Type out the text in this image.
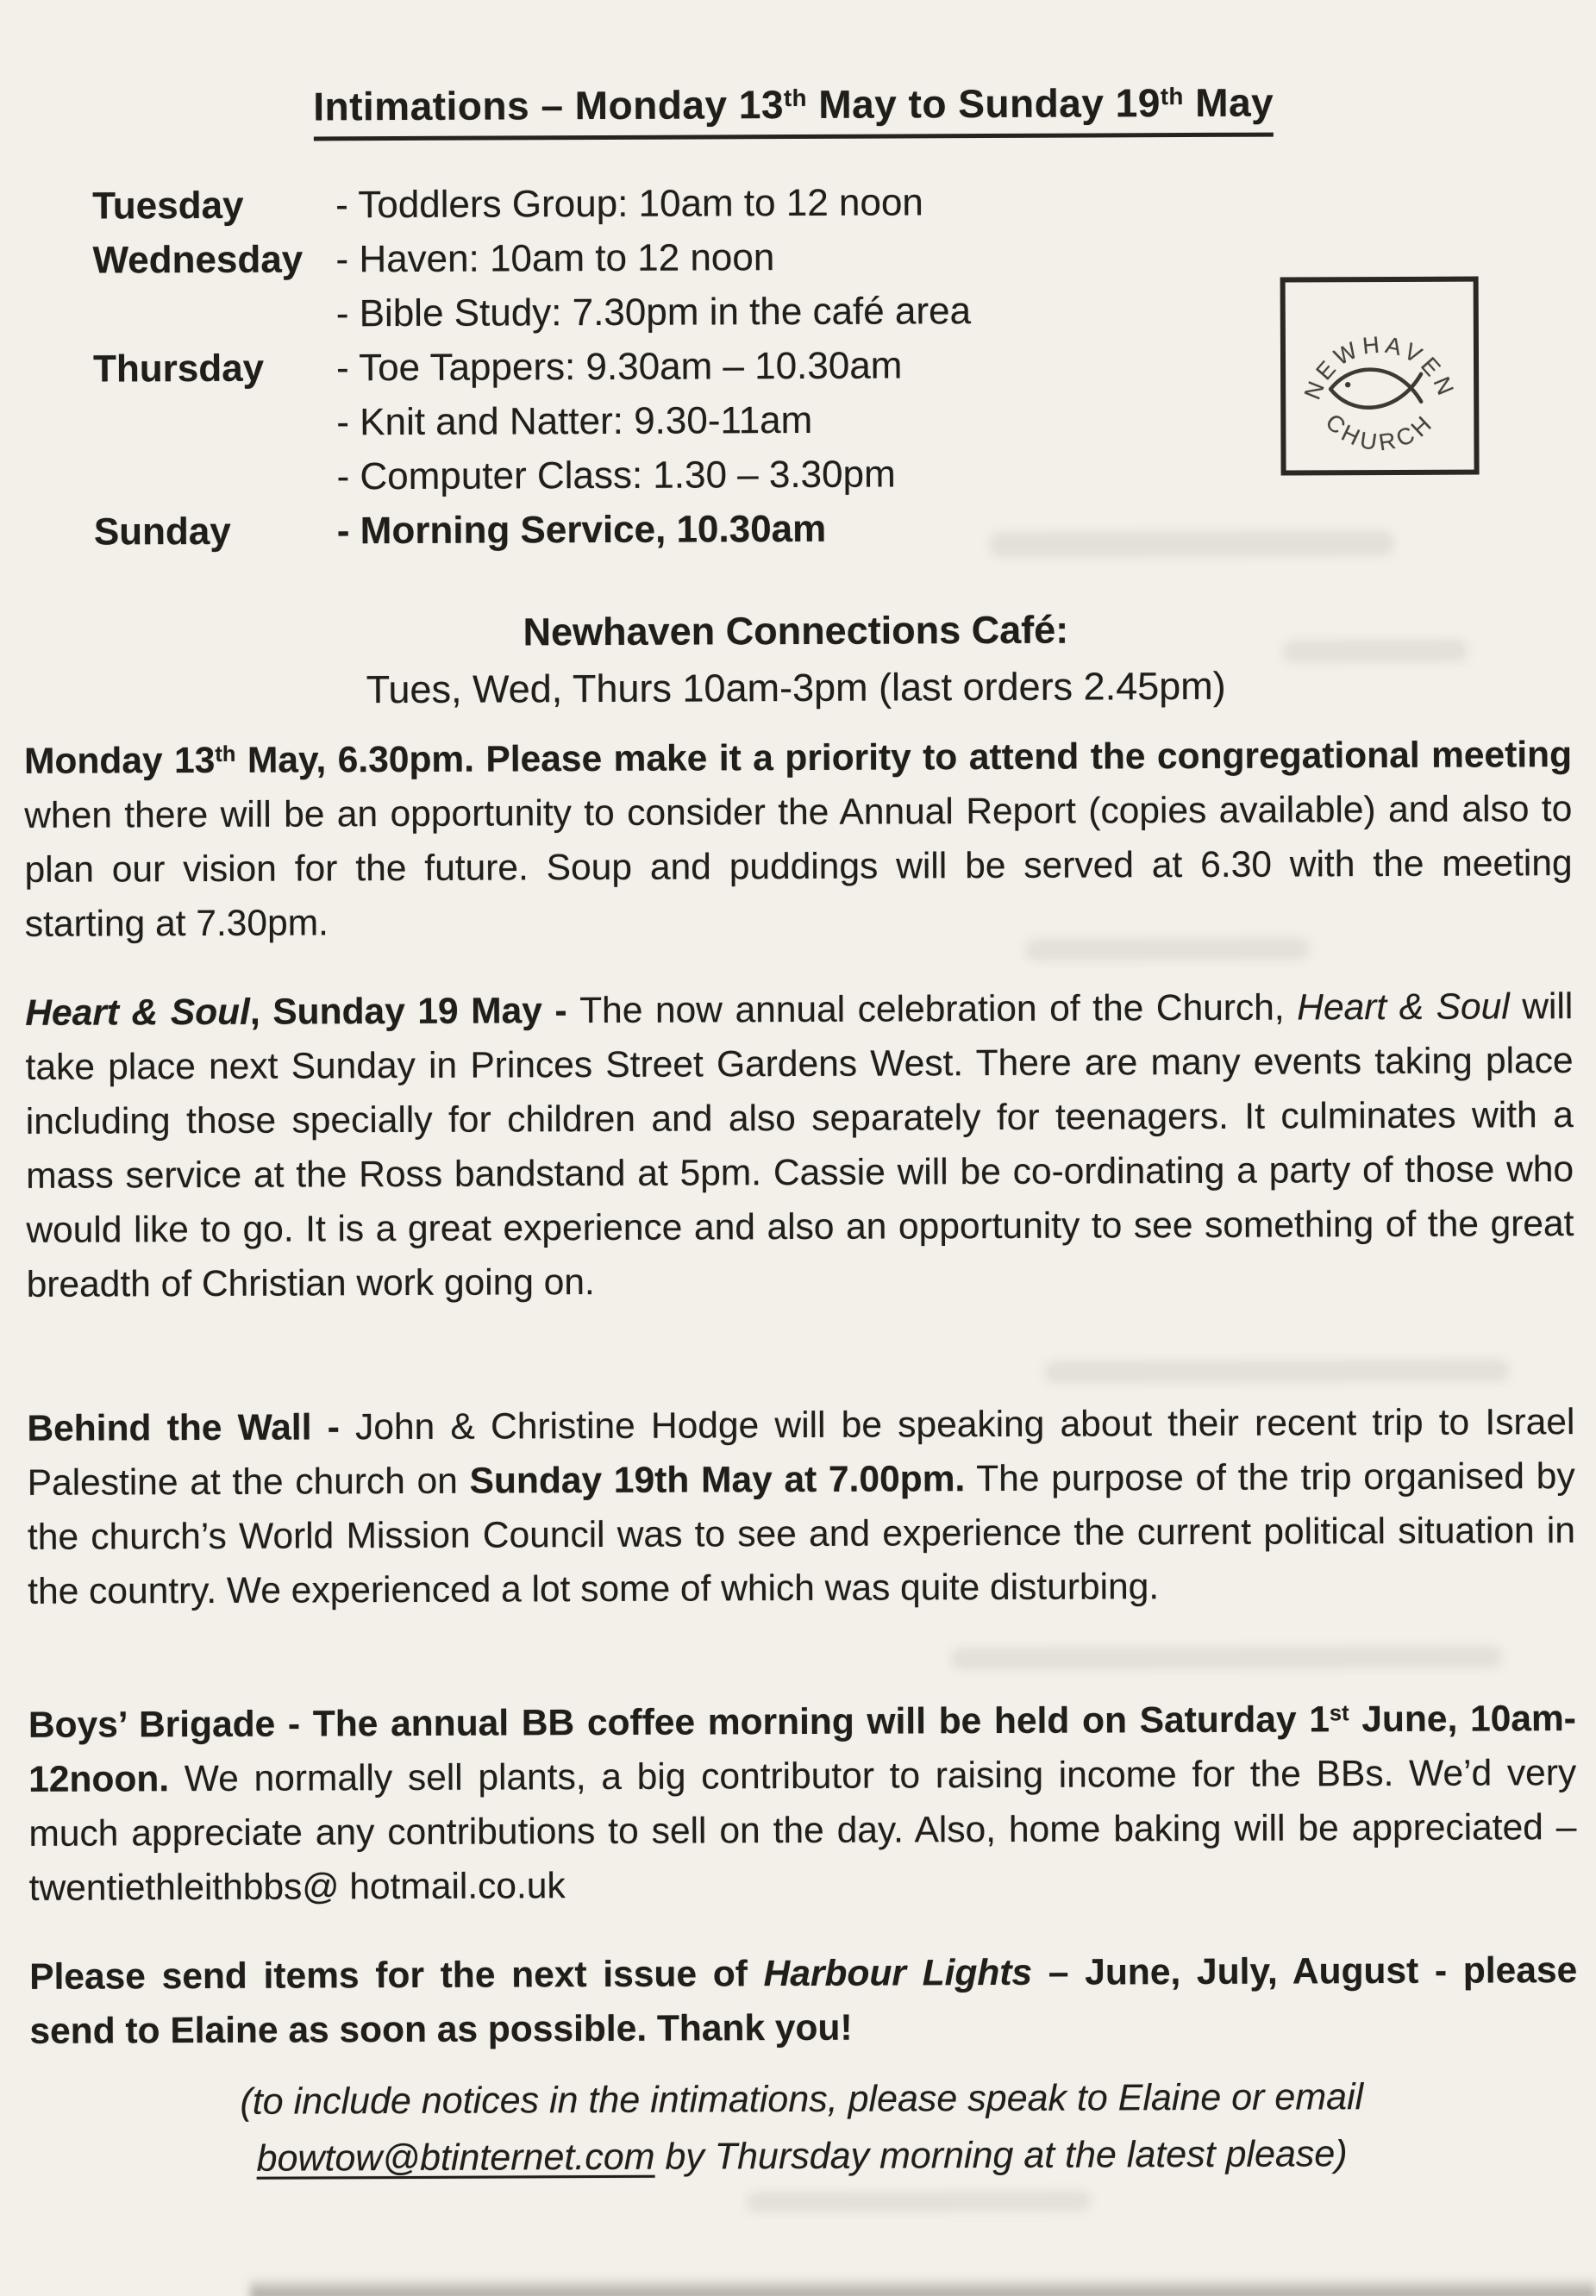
Intimations – Monday 13th May to Sunday 19th May
Tuesday	- Toddlers Group: 10am to 12 noon
Wednesday - Haven: 10am to 12 noon
- Bible Study: 7.30pm in the café area
Thursday	- Toe Tappers: 9.30am – 10.30am
- Knit and Natter: 9.30-11am
- Computer Class: 1.30 – 3.30pm
Sunday	- Morning Service, 10.30am
NEWHAVEN
CHURCH
Newhaven Connections Café:
Tues, Wed, Thurs 10am-3pm (last orders 2.45pm)
Monday 13th May, 6.30pm. Please make it a priority to attend the congregational meeting when there will be an opportunity to consider the Annual Report (copies available) and also to plan our vision for the future. Soup and puddings will be served at 6.30 with the meeting starting at 7.30pm.
Heart & Soul, Sunday 19 May - The now annual celebration of the Church, Heart & Soul will take place next Sunday in Princes Street Gardens West. There are many events taking place including those specially for children and also separately for teenagers. It culminates with a mass service at the Ross bandstand at 5pm. Cassie will be co-ordinating a party of those who would like to go. It is a great experience and also an opportunity to see something of the great breadth of Christian work going on.
Behind the Wall - John & Christine Hodge will be speaking about their recent trip to Israel Palestine at the church on Sunday 19th May at 7.00pm. The purpose of the trip organised by the church’s World Mission Council was to see and experience the current political situation in the country. We experienced a lot some of which was quite disturbing.
Boys’ Brigade - The annual BB coffee morning will be held on Saturday 1st June, 10am-12noon. We normally sell plants, a big contributor to raising income for the BBs. We’d very much appreciate any contributions to sell on the day. Also, home baking will be appreciated – twentiethleithbbs@ hotmail.co.uk
Please send items for the next issue of Harbour Lights – June, July, August - please send to Elaine as soon as possible. Thank you!
(to include notices in the intimations, please speak to Elaine or email bowtow@btinternet.com by Thursday morning at the latest please)
